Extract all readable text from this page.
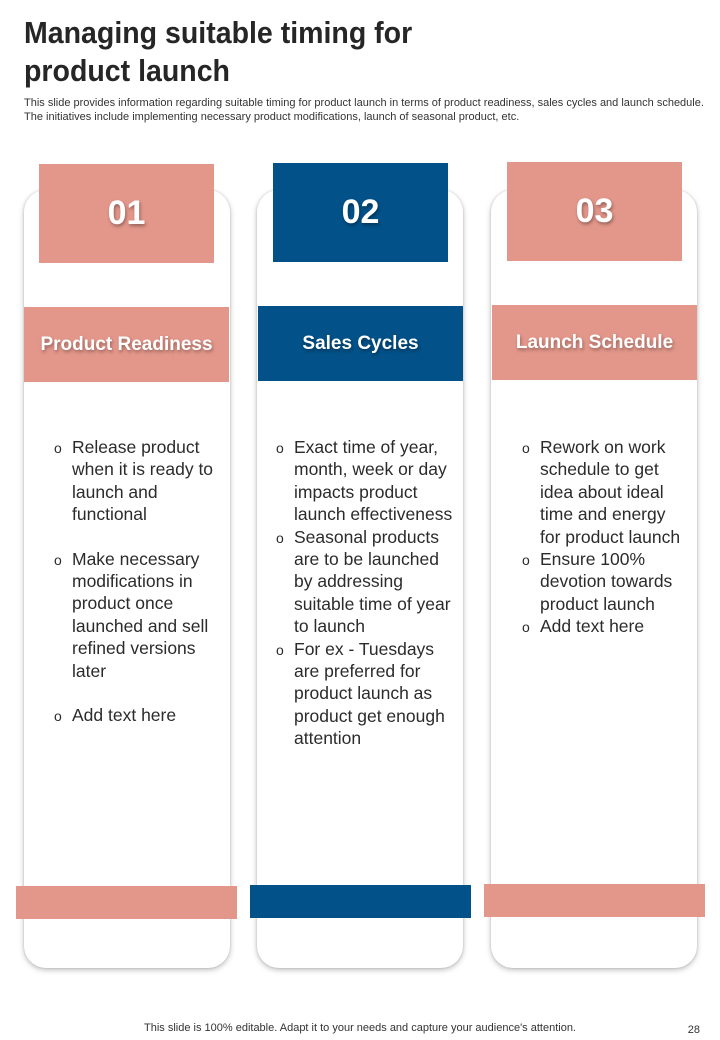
Managing suitable timing for product launch
This slide provides information regarding suitable timing for product launch in terms of product readiness, sales cycles and launch schedule. The initiatives include implementing necessary product modifications, launch of seasonal product, etc.
01
Product Readiness
o Release product when it is ready to launch and functional
o Make necessary modifications in product once launched and sell refined versions later
o Add text here
02
Sales Cycles
o Exact time of year, month, week or day impacts product launch effectiveness
o Seasonal products are to be launched by addressing suitable time of year to launch
o For ex - Tuesdays are preferred for product launch as product get enough attention
03
Launch Schedule
o Rework on work schedule to get idea about ideal time and energy for product launch
o Ensure 100% devotion towards product launch
o Add text here
This slide is 100% editable. Adapt it to your needs and capture your audience's attention.	28
